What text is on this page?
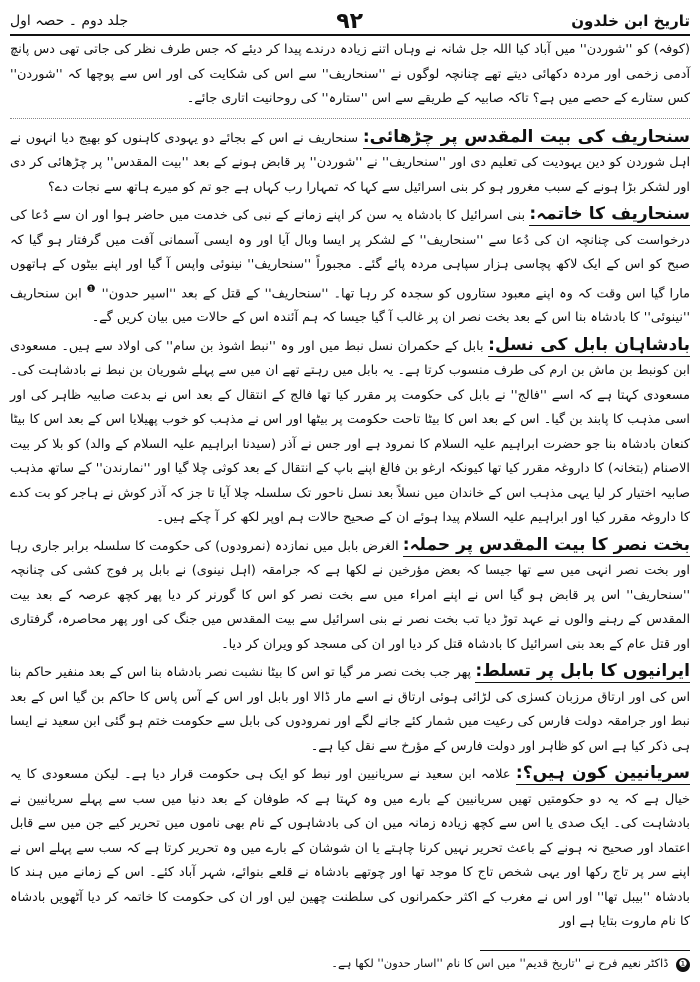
جلد دوم ۔ حصہ اول	۹۲	تاریخ ابن خلدون

(کوفہ) کو ''شوردن'' میں آباد کیا اللہ جل شانہ نے وہاں اتنے زیادہ درندے پیدا کر دیئے کہ جس طرف نظر کی جاتی تھی دس پانچ آدمی زخمی اور مردہ دکھائی دیتے تھے چنانچہ لوگوں نے ''سنحاریف'' سے اس کی شکایت کی اور اس سے پوچھا کہ ''شوردن'' کس ستارے کے حصے میں ہے؟ تاکہ صابیہ کے طریقے سے اس ''ستارہ'' کی روحانیت اتاری جائے۔

سنحاریف کی بیت المقدس پر چڑھائی: سنحاریف نے اس کے بجائے دو یہودی کاہنوں کو بھیج دیا انہوں نے اہل شوردن کو دین یہودیت کی تعلیم دی اور ''سنحاریف'' نے ''شوردن'' پر قابض ہونے کے بعد ''بیت المقدس'' پر چڑھائی کر دی اور لشکر بڑا ہونے کے سبب مغرور ہو کر بنی اسرائیل سے کہا کہ تمہارا رب کہاں ہے جو تم کو میرے ہاتھ سے نجات دے؟

سنحاریف کا خاتمہ: بنی اسرائیل کا بادشاہ یہ سن کر اپنے زمانے کے نبی کی خدمت میں حاضر ہوا اور ان سے دُعا کی درخواست کی چنانچہ ان کی دُعا سے ''سنحاریف'' کے لشکر پر ایسا وبال آیا اور وہ ایسی آسمانی آفت میں گرفتار ہو گیا کہ صبح کو اس کے ایک لاکھ پچاسی ہزار سپاہی مردہ پائے گئے۔ مجبوراً ''سنحاریف'' نینوئی واپس آ گیا اور اپنے بیٹوں کے ہاتھوں مارا گیا اس وقت کہ وہ اپنے معبود ستاروں کو سجدہ کر رہا تھا۔ ''سنحاریف'' کے قتل کے بعد ''اسیر حدون'' $^❶$ ابن سنحاریف ''نینوئی'' کا بادشاہ بنا اس کے بعد بخت نصر ان پر غالب آ گیا جیسا کہ ہم آئندہ اس کے حالات میں بیان کریں گے۔

بادشاہان بابل کی نسل: بابل کے حکمران نسل نبط میں اور وہ ''نبط اشوذ بن سام'' کی اولاد سے ہیں۔ مسعودی ابن کونبط بن ماش بن ارم کی طرف منسوب کرتا ہے۔ یہ بابل میں رہتے تھے ان میں سے پہلے شوریان بن نبط نے بادشاہت کی۔ مسعودی کہتا ہے کہ اسے ''فالج'' نے بابل کی حکومت پر مقرر کیا تھا فالج کے انتقال کے بعد اس نے بدعت صابیہ ظاہر کی اور اسی مذہب کا پابند بن گیا۔ اس کے بعد اس کا بیٹا تاحت حکومت پر بیٹھا اور اس نے مذہب کو خوب پھیلایا اس کے بعد اس کا بیٹا کنعان بادشاہ بنا جو حضرت ابراہیم علیہ السلام کا نمرود ہے اور جس نے آذر (سیدنا ابراہیم علیہ السلام کے والد) کو بلا کر بیت الاصنام (بتخانہ) کا داروغہ مقرر کیا تھا کیونکہ ارغو بن فالغ اپنے باپ کے انتقال کے بعد کوثی چلا گیا اور ''نمارندن'' کے ساتھ مذہب صابیہ اختیار کر لیا یہی مذہب اس کے خاندان میں نسلاً بعد نسل ناحور تک سلسلہ چلا آیا تا جز کہ آذر کوش نے ہاجر کو بت کدے کا داروغہ مقرر کیا اور ابراہیم علیہ السلام پیدا ہوئے ان کے صحیح حالات ہم اوپر لکھ کر آ چکے ہیں۔

بخت نصر کا بیت المقدس پر حملہ: الغرض بابل میں نمازدہ (نمرودوں) کی حکومت کا سلسلہ برابر جاری رہا اور بخت نصر انہی میں سے تھا جیسا کہ بعض مؤرخین نے لکھا ہے کہ جرامقہ (اہل نینوی) نے بابل پر فوج کشی کی چنانچہ ''سنحاریف'' اس پر قابض ہو گیا اس نے اپنے امراء میں سے بخت نصر کو اس کا گورنر کر دیا پھر کچھ عرصہ کے بعد بیت المقدس کے رہنے والوں نے عہد توڑ دیا تب بخت نصر نے بنی اسرائیل سے بیت المقدس میں جنگ کی اور پھر محاصرہ، گرفتاری اور قتل عام کے بعد بنی اسرائیل کا بادشاہ قتل کر دیا اور ان کی مسجد کو ویران کر دیا۔

ایرانیوں کا بابل پر تسلط: پھر جب بخت نصر مر گیا تو اس کا بیٹا نشبت نصر بادشاہ بنا اس کے بعد منفیر حاکم بنا اس کی اور ارتاق مرزبان کسرٰی کی لڑائی ہوئی ارتاق نے اسے مار ڈالا اور بابل اور اس کے آس پاس کا حاکم بن گیا اس کے بعد نبط اور جرامقہ دولت فارس کی رعیت میں شمار کئے جانے لگے اور نمرودوں کی بابل سے حکومت ختم ہو گئی ابن سعید نے ایسا ہی ذکر کیا ہے اس کو ظاہر اور دولت فارس کے مؤرخ سے نقل کیا ہے۔

سریانیین کون ہیں؟: علامہ ابن سعید نے سریانیین اور نبط کو ایک ہی حکومت قرار دیا ہے۔ لیکن مسعودی کا یہ خیال ہے کہ یہ دو حکومتیں تھیں سریانیین کے بارے میں وہ کہتا ہے کہ طوفان کے بعد دنیا میں سب سے پہلے سریانیین نے بادشاہت کی۔ ایک صدی یا اس سے کچھ زیادہ زمانہ میں ان کی بادشاہوں کے نام بھی ناموں میں تحریر کیے جن میں سے قابل اعتماد اور صحیح نہ ہونے کے باعث تحریر نہیں کرنا چاہتے یا ان شوشان کے بارے میں وہ تحریر کرتا ہے کہ سب سے پہلے اس نے اپنے سر پر تاج رکھا اور یہی شخص تاج کا موجد تھا اور چوتھے بادشاہ نے قلعے بنوائے، شہر آباد کئے۔ اس کے زمانے میں ہند کا بادشاہ ''بیبل تھا'' اور اس نے مغرب کے اکثر حکمرانوں کی سلطنت چھین لیں اور ان کی حکومت کا خاتمہ کر دیا آٹھویں بادشاہ کا نام ماروت بتایا ہے اور

❶ ڈاکٹر نعیم فرح نے ''تاریخ قدیم'' میں اس کا نام ''اسار حدون'' لکھا ہے۔
